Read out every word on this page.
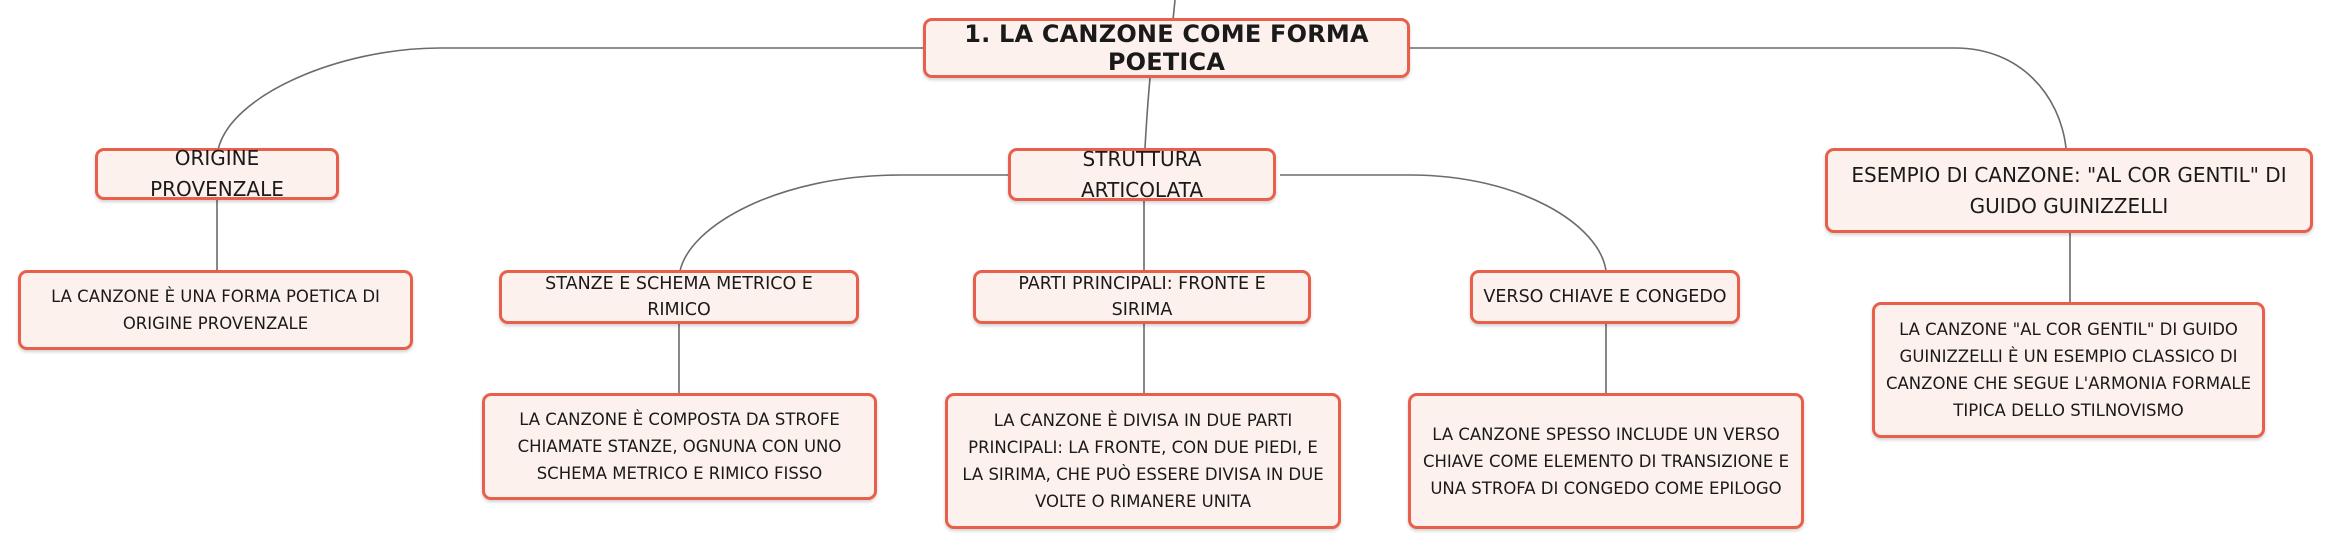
1. LA CANZONE COME FORMA POETICA
ORIGINE PROVENZALE
LA CANZONE È UNA FORMA POETICA DI ORIGINE PROVENZALE
STRUTTURA ARTICOLATA
STANZE E SCHEMA METRICO E RIMICO
PARTI PRINCIPALI: FRONTE E SIRIMA
VERSO CHIAVE E CONGEDO
LA CANZONE È COMPOSTA DA STROFE CHIAMATE STANZE, OGNUNA CON UNO SCHEMA METRICO E RIMICO FISSO
LA CANZONE È DIVISA IN DUE PARTI PRINCIPALI: LA FRONTE, CON DUE PIEDI, E LA SIRIMA, CHE PUÒ ESSERE DIVISA IN DUE VOLTE O RIMANERE UNITA
LA CANZONE SPESSO INCLUDE UN VERSO CHIAVE COME ELEMENTO DI TRANSIZIONE E UNA STROFA DI CONGEDO COME EPILOGO
ESEMPIO DI CANZONE: "AL COR GENTIL" DI GUIDO GUINIZZELLI
LA CANZONE "AL COR GENTIL" DI GUIDO GUINIZZELLI È UN ESEMPIO CLASSICO DI CANZONE CHE SEGUE L'ARMONIA FORMALE TIPICA DELLO STILNOVISMO
